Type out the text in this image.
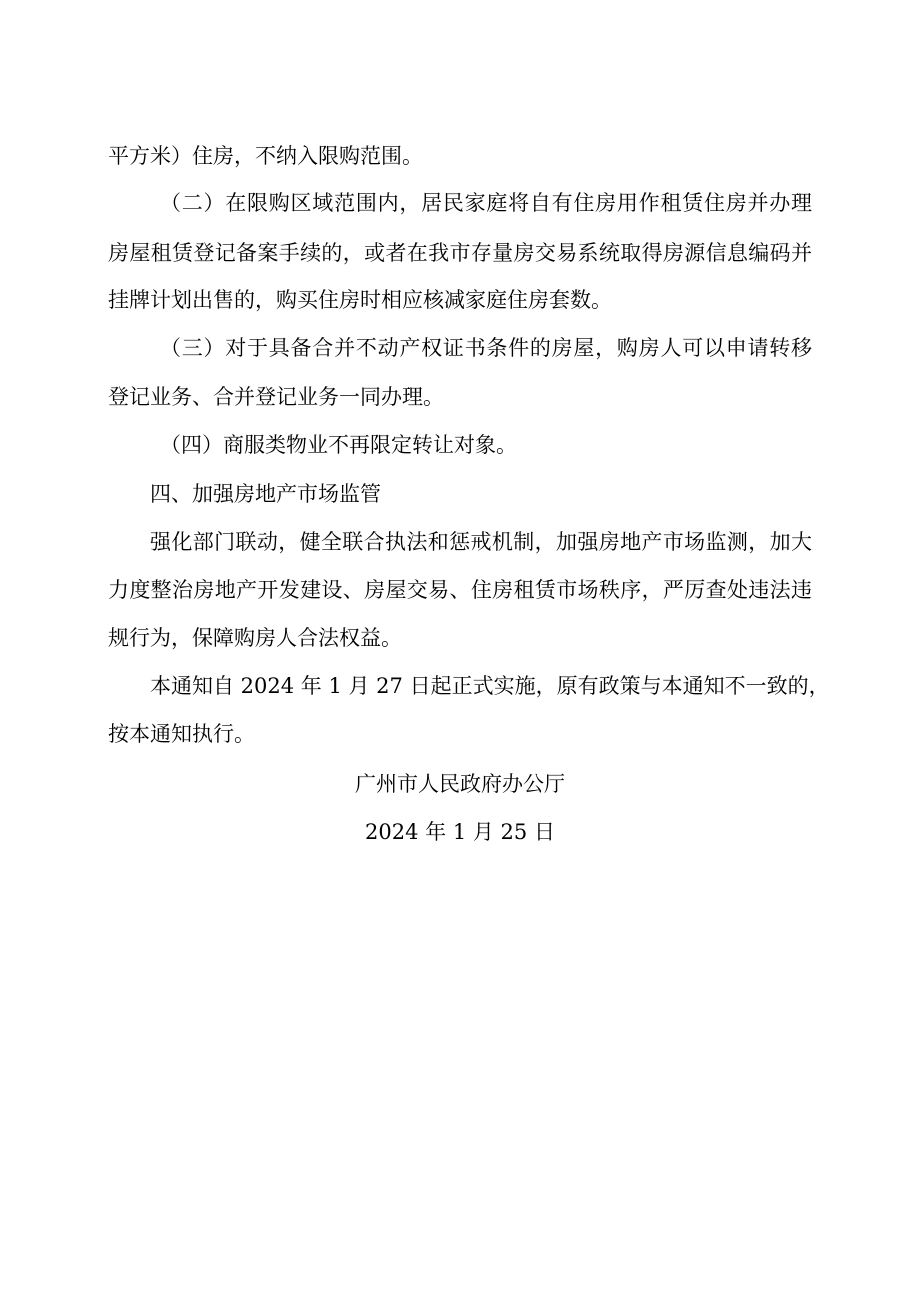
平方米）住房，不纳入限购范围。
（二）在限购区域范围内，居民家庭将自有住房用作租赁住房并办理
房屋租赁登记备案手续的，或者在我市存量房交易系统取得房源信息编码并
挂牌计划出售的，购买住房时相应核减家庭住房套数。
（三）对于具备合并不动产权证书条件的房屋，购房人可以申请转移
登记业务、合并登记业务一同办理。
（四）商服类物业不再限定转让对象。
四、加强房地产市场监管
强化部门联动，健全联合执法和惩戒机制，加强房地产市场监测，加大
力度整治房地产开发建设、房屋交易、住房租赁市场秩序，严厉查处违法违
规行为，保障购房人合法权益。
本通知自 2024 年 1 月 27 日起正式实施，原有政策与本通知不一致的，
按本通知执行。
广州市人民政府办公厅
2024 年 1 月 25 日
